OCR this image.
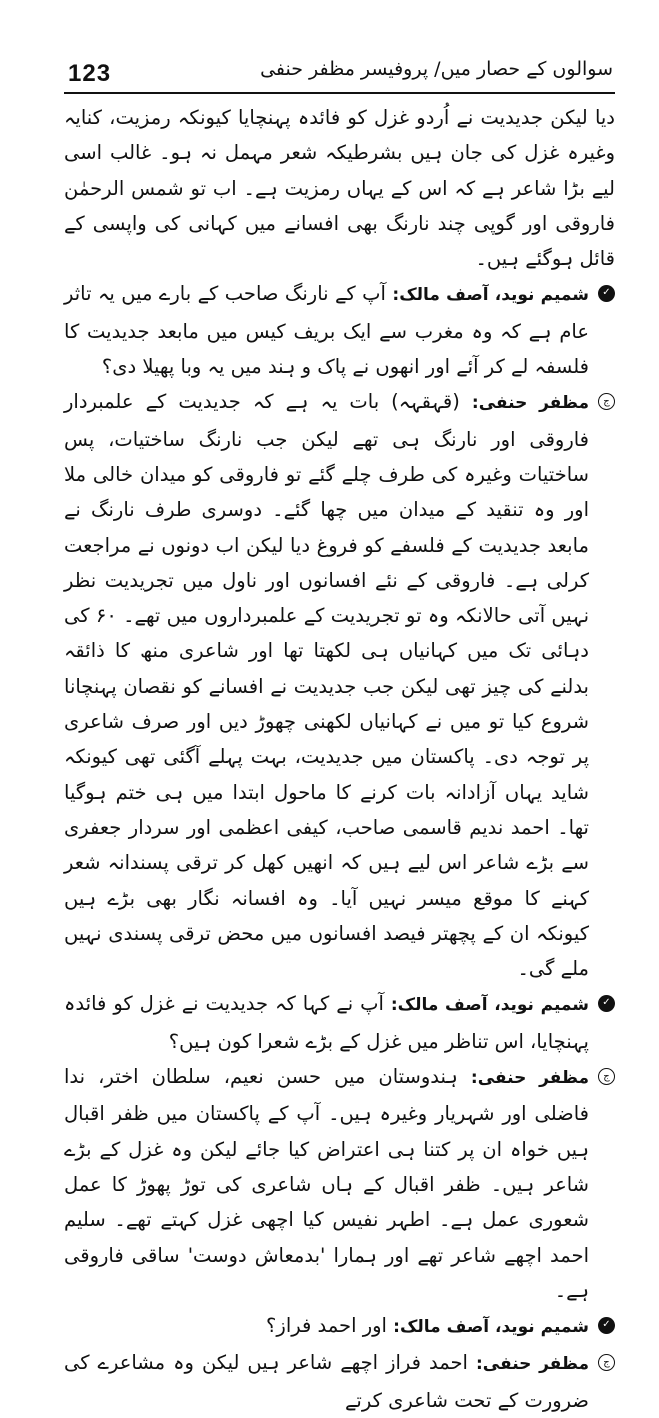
123	سوالوں کے حصار میں/ پروفیسر مظفر حنفی

دیا لیکن جدیدیت نے اُردو غزل کو فائدہ پہنچایا کیونکہ رمزیت، کنایہ وغیرہ غزل کی جان ہیں بشرطیکہ شعر مہمل نہ ہو۔ غالب اسی لیے بڑا شاعر ہے کہ اس کے یہاں رمزیت ہے۔ اب تو شمس الرحمٰن فاروقی اور گوپی چند نارنگ بھی افسانے میں کہانی کی واپسی کے قائل ہوگئے ہیں۔

✓
شمیم نوید، آصف مالک: آپ کے نارنگ صاحب کے بارے میں یہ تاثر عام ہے کہ وہ مغرب سے ایک بریف کیس میں مابعد جدیدیت کا فلسفہ لے کر آئے اور انھوں نے پاک و ہند میں یہ وبا پھیلا دی؟

ج
مظفر حنفی: (قہقہہ) بات یہ ہے کہ جدیدیت کے علمبردار فاروقی اور نارنگ ہی تھے لیکن جب نارنگ ساختیات، پس ساختیات وغیرہ کی طرف چلے گئے تو فاروقی کو میدان خالی ملا اور وہ تنقید کے میدان میں چھا گئے۔ دوسری طرف نارنگ نے مابعد جدیدیت کے فلسفے کو فروغ دیا لیکن اب دونوں نے مراجعت کرلی ہے۔ فاروقی کے نئے افسانوں اور ناول میں تجریدیت نظر نہیں آتی حالانکہ وہ تو تجریدیت کے علمبرداروں میں تھے۔ ۶۰ کی دہائی تک میں کہانیاں ہی لکھتا تھا اور شاعری منھ کا ذائقہ بدلنے کی چیز تھی لیکن جب جدیدیت نے افسانے کو نقصان پہنچانا شروع کیا تو میں نے کہانیاں لکھنی چھوڑ دیں اور صرف شاعری پر توجہ دی۔ پاکستان میں جدیدیت، بہت پہلے آگئی تھی کیونکہ شاید یہاں آزادانہ بات کرنے کا ماحول ابتدا میں ہی ختم ہوگیا تھا۔ احمد ندیم قاسمی صاحب، کیفی اعظمی اور سردار جعفری سے بڑے شاعر اس لیے ہیں کہ انھیں کھل کر ترقی پسندانہ شعر کہنے کا موقع میسر نہیں آیا۔ وہ افسانہ نگار بھی بڑے ہیں کیونکہ ان کے پچھتر فیصد افسانوں میں محض ترقی پسندی نہیں ملے گی۔

✓
شمیم نوید، آصف مالک: آپ نے کہا کہ جدیدیت نے غزل کو فائدہ پہنچایا، اس تناظر میں غزل کے بڑے شعرا کون ہیں؟

ج
مظفر حنفی: ہندوستان میں حسن نعیم، سلطان اختر، ندا فاضلی اور شہریار وغیرہ ہیں۔ آپ کے پاکستان میں ظفر اقبال ہیں خواہ ان پر کتنا ہی اعتراض کیا جائے لیکن وہ غزل کے بڑے شاعر ہیں۔ ظفر اقبال کے ہاں شاعری کی توڑ پھوڑ کا عمل شعوری عمل ہے۔ اطہر نفیس کیا اچھی غزل کہتے تھے۔ سلیم احمد اچھے شاعر تھے اور ہمارا 'بدمعاش دوست' ساقی فاروقی ہے۔

✓
شمیم نوید، آصف مالک: اور احمد فراز؟

ج
مظفر حنفی: احمد فراز اچھے شاعر ہیں لیکن وہ مشاعرے کی ضرورت کے تحت شاعری کرتے
